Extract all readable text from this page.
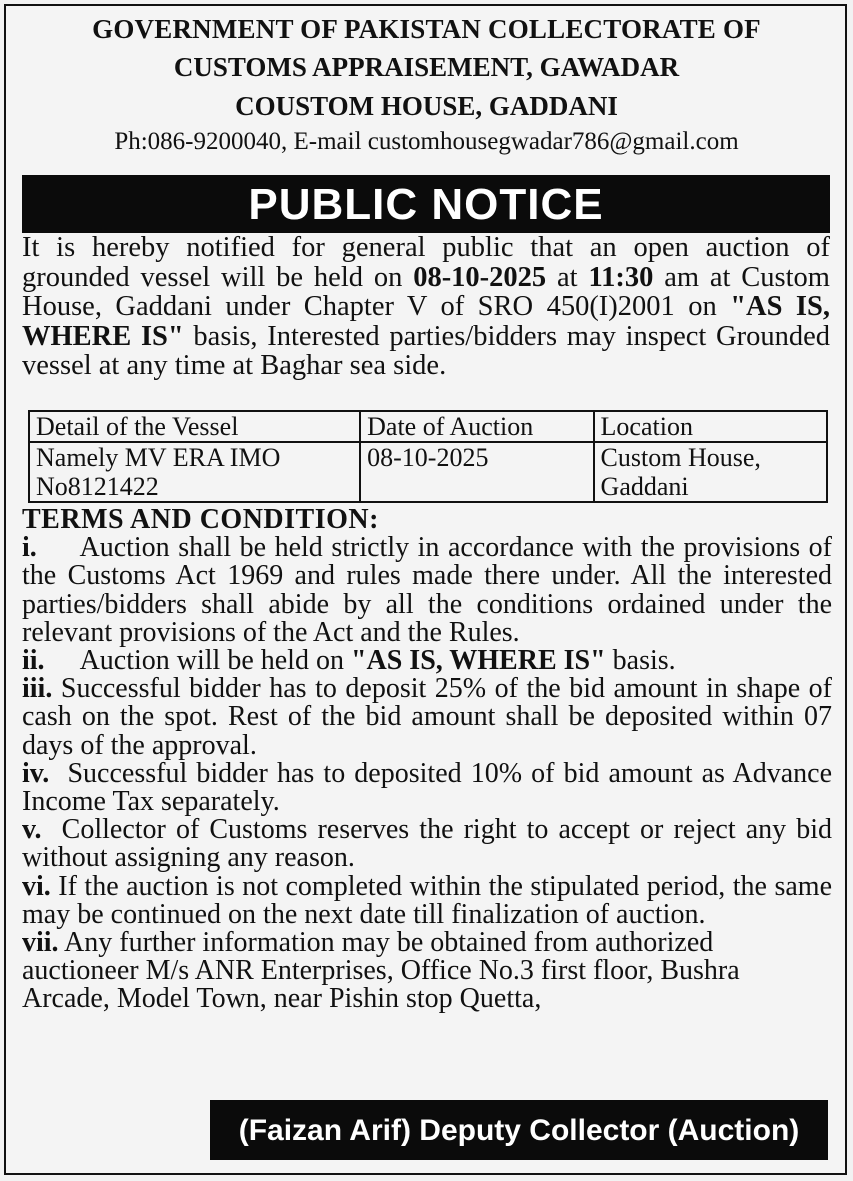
GOVERNMENT OF PAKISTAN COLLECTORATE OF
CUSTOMS APPRAISEMENT, GAWADAR
COUSTOM HOUSE, GADDANI
Ph:086-9200040, E-mail customhousegwadar786@gmail.com
PUBLIC NOTICE
It is hereby notified for general public that an open auction of grounded vessel will be held on 08-10-2025 at 11:30 am at Custom House, Gaddani under Chapter V of SRO 450(I)2001 on "AS IS, WHERE IS" basis, Interested parties/bidders may inspect Grounded vessel at any time at Baghar sea side.
Detail of the Vessel	Date of Auction	Location
Namely MV ERA IMO No8121422	08-10-2025	Custom House, Gaddani
TERMS AND CONDITION:

i. Auction shall be held strictly in accordance with the provisions of the Customs Act 1969 and rules made there under. All the interested parties/bidders shall abide by all the conditions ordained under the relevant provisions of the Act and the Rules.

ii. Auction will be held on "AS IS, WHERE IS" basis.

iii. Successful bidder has to deposit 25% of the bid amount in shape of cash on the spot. Rest of the bid amount shall be deposited within 07 days of the approval.

iv. Successful bidder has to deposited 10% of bid amount as Advance Income Tax separately.

v. Collector of Customs reserves the right to accept or reject any bid without assigning any reason.

vi. If the auction is not completed within the stipulated period, the same may be continued on the next date till finalization of auction.

vii. Any further information may be obtained from authorized auctioneer M/s ANR Enterprises, Office No.3 first floor, Bushra Arcade, Model Town, near Pishin stop Quetta,

(Faizan Arif) Deputy Collector (Auction)
